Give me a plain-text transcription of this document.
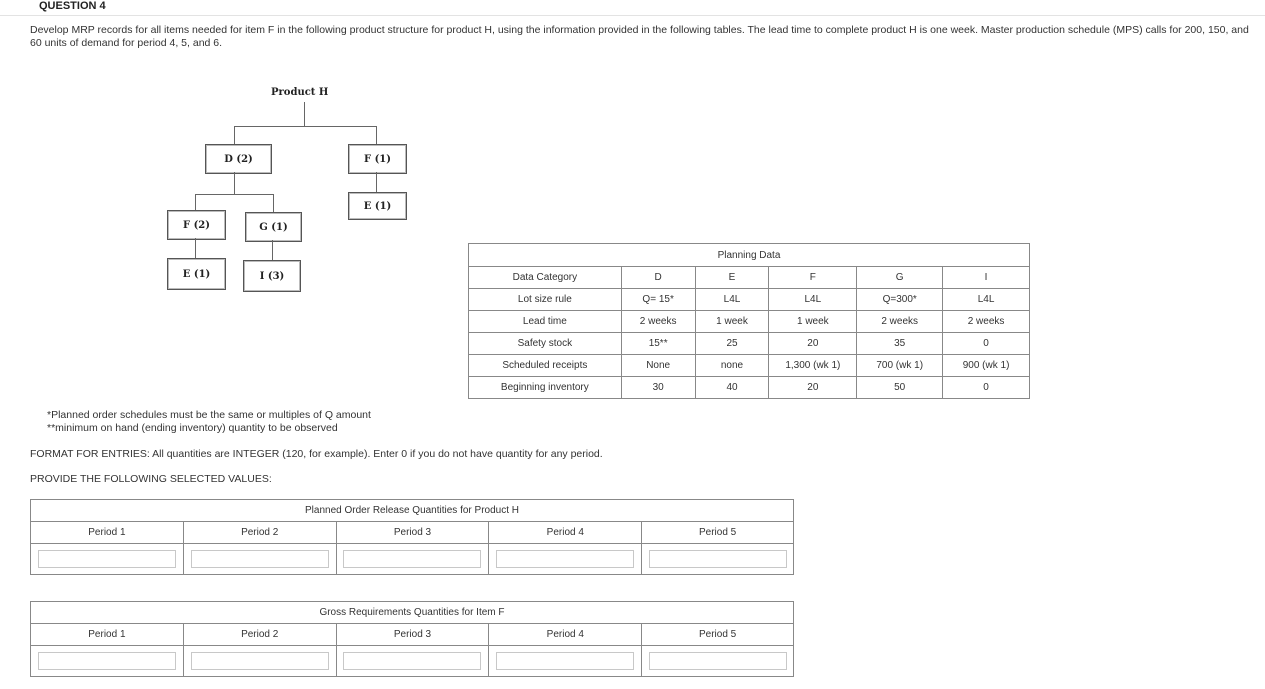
QUESTION 4
Develop MRP records for all items needed for item F in the following product structure for product H, using the information provided in the following tables. The lead time to complete product H is one week. Master production schedule (MPS) calls for 200, 150, and 60 units of demand for period 4, 5, and 6.
Product H
D (2)	F (1)
E (1)
F (2)	G (1)
E (1)	I (3)
Planning Data					
Data Category	D	E	F	G	I
Lot size rule	Q= 15*	L4L	L4L	Q=300*	L4L
Lead time	2 weeks	1 week	1 week	2 weeks	2 weeks
Safety stock	15**	25	20	35	0
Scheduled receipts	None	none	1,300 (wk 1)	700 (wk 1)	900 (wk 1)
Beginning inventory	30	40	20	50	0
*Planned order schedules must be the same or multiples of Q amount
**minimum on hand (ending inventory) quantity to be observed
FORMAT FOR ENTRIES: All quantities are INTEGER (120, for example). Enter 0 if you do not have quantity for any period.
PROVIDE THE FOLLOWING SELECTED VALUES:
Planned Order Release Quantities for Product H				
Period 1	Period 2	Period 3	Period 4	Period 5

Gross Requirements Quantities for Item F				
Period 1	Period 2	Period 3	Period 4	Period 5
